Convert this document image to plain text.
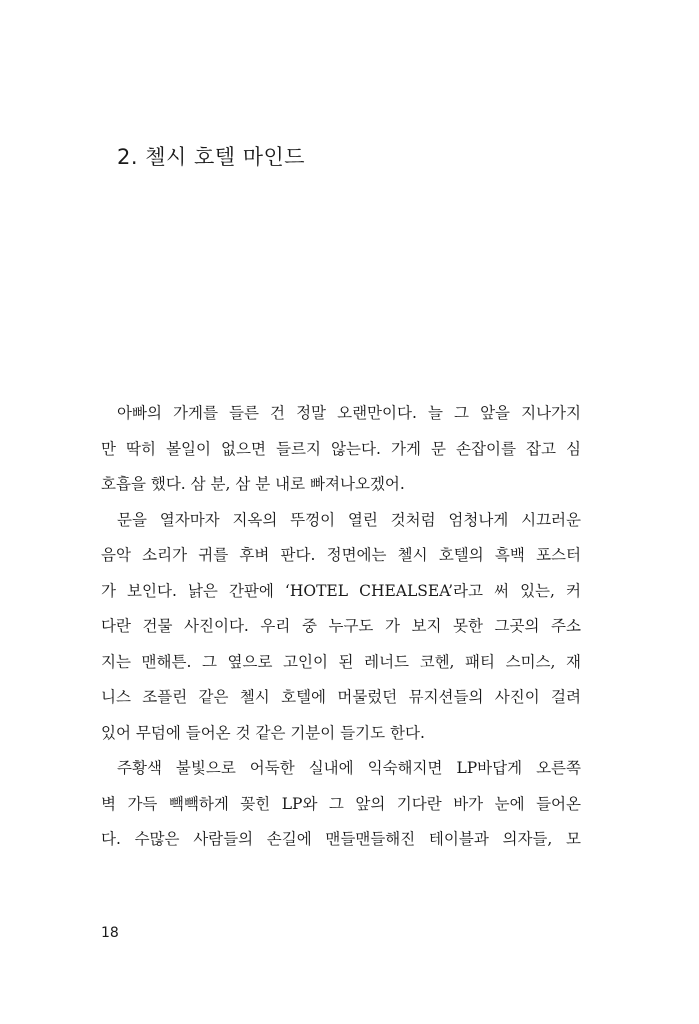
2. 첼시 호텔 마인드
아빠의 가게를 들른 건 정말 오랜만이다. 늘 그 앞을 지나가지
만 딱히 볼일이 없으면 들르지 않는다. 가게 문 손잡이를 잡고 심
호흡을 했다. 삼 분, 삼 분 내로 빠져나오겠어.
문을 열자마자 지옥의 뚜껑이 열린 것처럼 엄청나게 시끄러운
음악 소리가 귀를 후벼 판다. 정면에는 첼시 호텔의 흑백 포스터
가 보인다. 낡은 간판에 ‘HOTEL CHEALSEA’라고 써 있는, 커
다란 건물 사진이다. 우리 중 누구도 가 보지 못한 그곳의 주소
지는 맨해튼. 그 옆으로 고인이 된 레너드 코헨, 패티 스미스, 재
니스 조플린 같은 첼시 호텔에 머물렀던 뮤지션들의 사진이 걸려
있어 무덤에 들어온 것 같은 기분이 들기도 한다.
주황색 불빛으로 어둑한 실내에 익숙해지면 LP바답게 오른쪽
벽 가득 빽빽하게 꽂힌 LP와 그 앞의 기다란 바가 눈에 들어온
다. 수많은 사람들의 손길에 맨들맨들해진 테이블과 의자들, 모
18
